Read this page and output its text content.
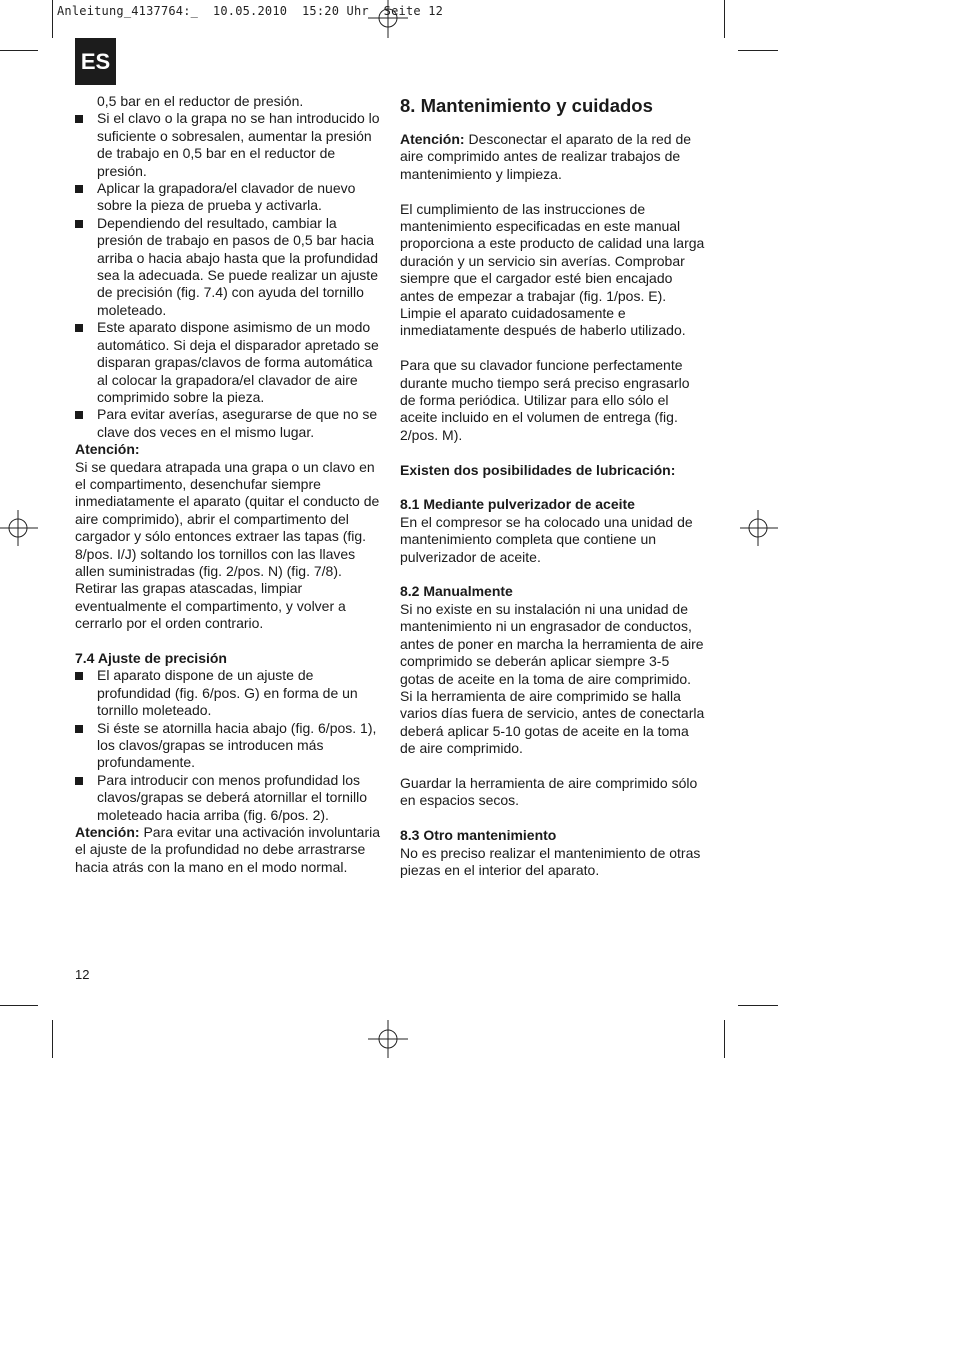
Anleitung_4137764:_  10.05.2010  15:20 Uhr  Seite 12
ES

0,5 bar en el reductor de presión.

Si el clavo o la grapa no se han introducido lo suficiente o sobresalen, aumentar la presión de trabajo en 0,5 bar en el reductor de presión.
Aplicar la grapadora/el clavador de nuevo sobre la pieza de prueba y activarla.
Dependiendo del resultado, cambiar la presión de trabajo en pasos de 0,5 bar hacia arriba o hacia abajo hasta que la profundidad sea la adecuada. Se puede realizar un ajuste de precisión (fig. 7.4) con ayuda del tornillo moleteado.
Este aparato dispone asimismo de un modo automático. Si deja el disparador apretado se disparan grapas/clavos de forma automática al colocar la grapadora/el clavador de aire comprimido sobre la pieza.
Para evitar averías, asegurarse de que no se clave dos veces en el mismo lugar.

Atención:

Si se quedara atrapada una grapa o un clavo en el compartimento, desenchufar siempre inmediatamente el aparato (quitar el conducto de aire comprimido), abrir el compartimento del cargador y sólo entonces extraer las tapas (fig. 8/pos. I/J) soltando los tornillos con las llaves allen suministradas (fig. 2/pos. N) (fig. 7/8). Retirar las grapas atascadas, limpiar eventualmente el compartimento, y volver a cerrarlo por el orden contrario.

7.4 Ajuste de precisión

El aparato dispone de un ajuste de profundidad (fig. 6/pos. G) en forma de un tornillo moleteado.
Si éste se atornilla hacia abajo (fig. 6/pos. 1), los clavos/grapas se introducen más profundamente.
Para introducir con menos profundidad los clavos/grapas se deberá atornillar el tornillo moleteado hacia arriba (fig. 6/pos. 2).

Atención: Para evitar una activación involuntaria el ajuste de la profundidad no debe arrastrarse hacia atrás con la mano en el modo normal.

8. Mantenimiento y cuidados

Atención: Desconectar el aparato de la red de aire comprimido antes de realizar trabajos de mantenimiento y limpieza.

El cumplimiento de las instrucciones de mantenimiento especificadas en este manual proporciona a este producto de calidad una larga duración y un servicio sin averías. Comprobar siempre que el cargador esté bien encajado antes de empezar a trabajar (fig. 1/pos. E). Limpie el aparato cuidadosamente e inmediatamente después de haberlo utilizado.

Para que su clavador funcione perfectamente durante mucho tiempo será preciso engrasarlo de forma periódica. Utilizar para ello sólo el aceite incluido en el volumen de entrega (fig. 2/pos. M).

Existen dos posibilidades de lubricación:

8.1 Mediante pulverizador de aceite

En el compresor se ha colocado una unidad de mantenimiento completa que contiene un pulverizador de aceite.

8.2 Manualmente

Si no existe en su instalación ni una unidad de mantenimiento ni un engrasador de conductos, antes de poner en marcha la herramienta de aire comprimido se deberán aplicar siempre 3-5 gotas de aceite en la toma de aire comprimido. Si la herramienta de aire comprimido se halla varios días fuera de servicio, antes de conectarla deberá aplicar 5-10 gotas de aceite en la toma de aire comprimido.

Guardar la herramienta de aire comprimido sólo en espacios secos.

8.3 Otro mantenimiento

No es preciso realizar el mantenimiento de otras piezas en el interior del aparato.

12
